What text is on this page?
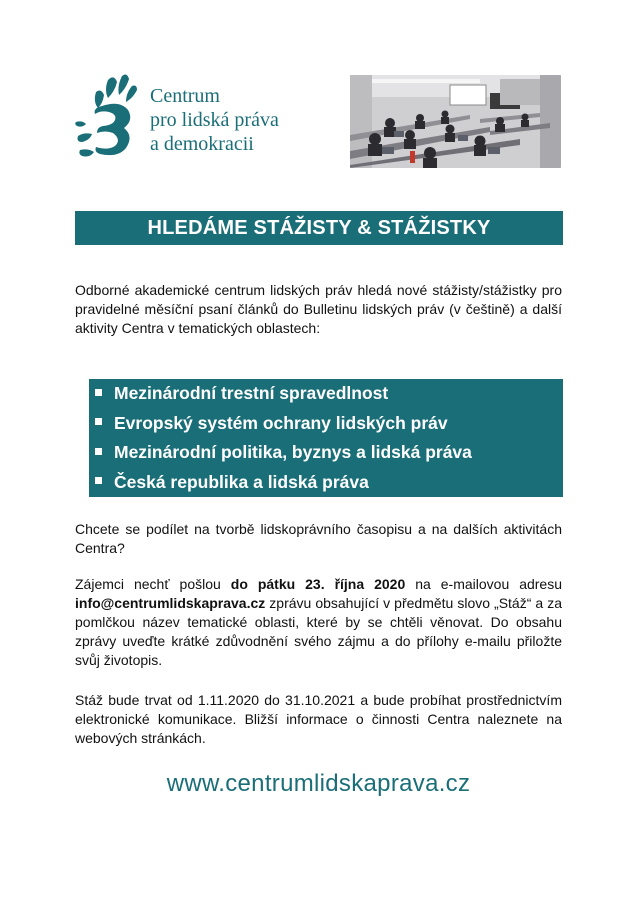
Centrum
pro lidská práva
a demokracii
HLEDÁME STÁŽISTY & STÁŽISTKY
Odborné akademické centrum lidských práv hledá nové stážisty/stážistky pro pravidelné měsíční psaní článků do Bulletinu lidských práv (v češtině) a další aktivity Centra v tematických oblastech:
Mezinárodní trestní spravedlnost
Evropský systém ochrany lidských práv
Mezinárodní politika, byznys a lidská práva
Česká republika a lidská práva
Chcete se podílet na tvorbě lidskoprávního časopisu a na dalších aktivitách Centra?
Zájemci nechť pošlou do pátku 23. října 2020 na e-mailovou adresu info@centrumlidskaprava.cz zprávu obsahující v předmětu slovo „Stáž“ a za pomlčkou název tematické oblasti, které by se chtěli věnovat. Do obsahu zprávy uveďte krátké zdůvodnění svého zájmu a do přílohy e-mailu přiložte svůj životopis.
Stáž bude trvat od 1.11.2020 do 31.10.2021 a bude probíhat prostřednictvím elektronické komunikace. Bližší informace o činnosti Centra naleznete na webových stránkách.
www.centrumlidskaprava.cz
